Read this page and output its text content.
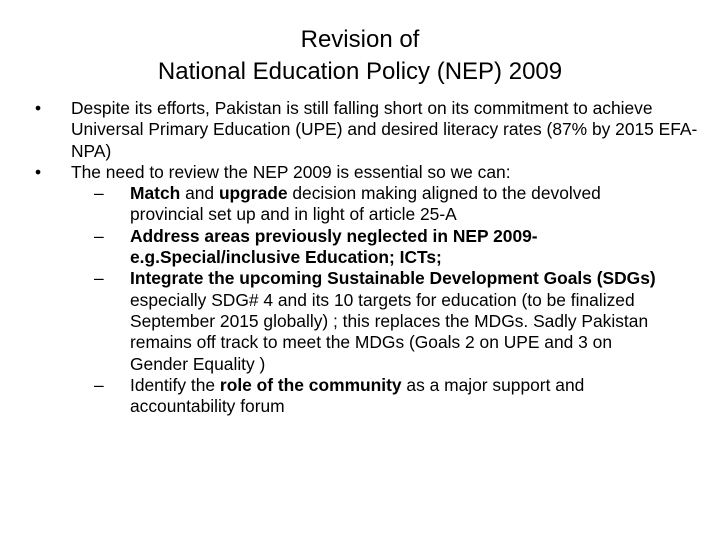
Revision of
National Education Policy (NEP) 2009

•	Despite its efforts, Pakistan is still falling short on its commitment to achieve Universal Primary Education (UPE) and desired literacy rates (87% by 2015 EFA- NPA)

•	The need to review the NEP 2009 is essential so we can:

– Match and upgrade decision making aligned to the devolved provincial set up and in light of article 25-A

– Address areas previously neglected in NEP 2009-e.g.Special/inclusive Education; ICTs;

– Integrate the upcoming Sustainable Development Goals (SDGs) especially SDG# 4 and its 10 targets for education (to be finalized September 2015 globally) ; this replaces the MDGs. Sadly Pakistan remains off track to meet the MDGs (Goals 2 on UPE and 3 on Gender Equality )

– Identify the role of the community as a major support and accountability forum
